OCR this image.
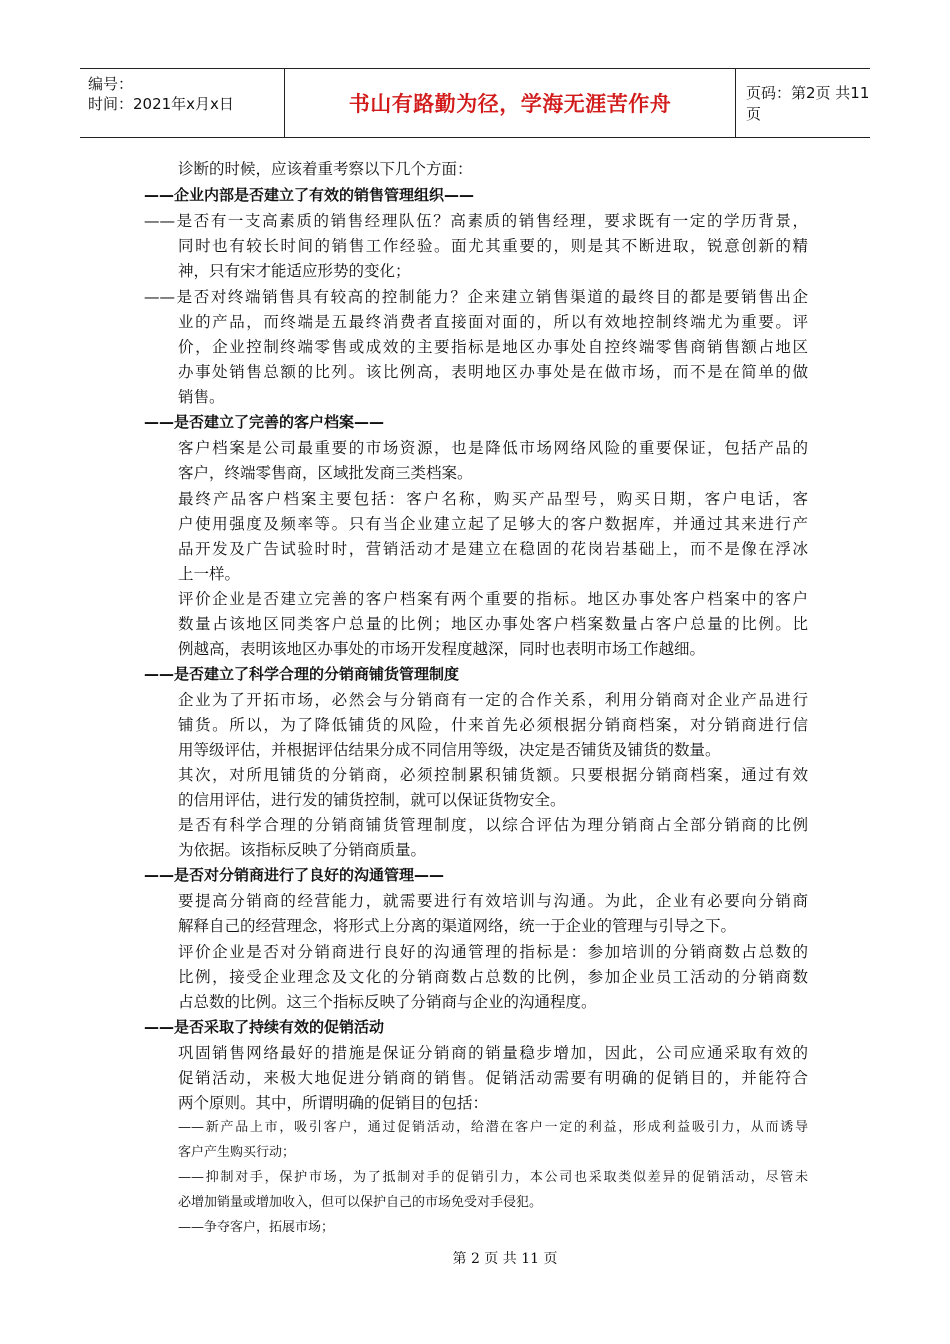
编号：
时间：2021年x月x日	书山有路勤为径，学海无涯苦作舟	页码：第2页 共11页
诊断的时候，应该着重考察以下几个方面：
——企业内部是否建立了有效的销售管理组织——
——是否有一支高素质的销售经理队伍？高素质的销售经理，要求既有一定的学历背景，
同时也有较长时间的销售工作经验。面尤其重要的，则是其不断进取，锐意创新的精
神，只有宋才能适应形势的变化；
——是否对终端销售具有较高的控制能力？企来建立销售渠道的最终目的都是要销售出企
业的产品，而终端是五最终消费者直接面对面的，所以有效地控制终端尤为重要。评
价，企业控制终端零售或成效的主要指标是地区办事处自控终端零售商销售额占地区
办事处销售总额的比列。该比例高，表明地区办事处是在做市场，而不是在简单的做
销售。
——是否建立了完善的客户档案——
客户档案是公司最重要的市场资源，也是降低市场网络风险的重要保证，包括产品的
客户，终端零售商，区域批发商三类档案。
最终产品客户档案主要包括：客户名称，购买产品型号，购买日期，客户电话，客
户使用强度及频率等。只有当企业建立起了足够大的客户数据库，并通过其来进行产
品开发及广告试验时时，营销活动才是建立在稳固的花岗岩基础上，而不是像在浮冰
上一样。
评价企业是否建立完善的客户档案有两个重要的指标。地区办事处客户档案中的客户
数量占该地区同类客户总量的比例；地区办事处客户档案数量占客户总量的比例。比
例越高，表明该地区办事处的市场开发程度越深，同时也表明市场工作越细。
——是否建立了科学合理的分销商铺货管理制度
企业为了开拓市场，必然会与分销商有一定的合作关系，利用分销商对企业产品进行
铺货。所以，为了降低铺货的风险，什来首先必须根据分销商档案，对分销商进行信
用等级评估，并根据评估结果分成不同信用等级，决定是否铺货及铺货的数量。
其次，对所甩铺货的分销商，必须控制累积铺货额。只要根据分销商档案，通过有效
的信用评估，进行发的铺货控制，就可以保证货物安全。
是否有科学合理的分销商铺货管理制度，以综合评估为理分销商占全部分销商的比例
为依据。该指标反映了分销商质量。
——是否对分销商进行了良好的沟通管理——
要提高分销商的经营能力，就需要进行有效培训与沟通。为此，企业有必要向分销商
解释自己的经营理念，将形式上分离的渠道网络，统一于企业的管理与引导之下。
评价企业是否对分销商进行良好的沟通管理的指标是：参加培训的分销商数占总数的
比例，接受企业理念及文化的分销商数占总数的比例，参加企业员工活动的分销商数
占总数的比例。这三个指标反映了分销商与企业的沟通程度。
——是否采取了持续有效的促销活动
巩固销售网络最好的措施是保证分销商的销量稳步增加，因此，公司应通采取有效的
促销活动，来极大地促进分销商的销售。促销活动需要有明确的促销目的，并能符合
两个原则。其中，所谓明确的促销目的包括：
——新产品上市，吸引客户，通过促销活动，给潜在客户一定的利益，形成利益吸引力，从而诱导
客户产生购买行动；
——抑制对手，保护市场，为了抵制对手的促销引力，本公司也采取类似差异的促销活动，尽管未
必增加销量或增加收入，但可以保护自己的市场免受对手侵犯。
——争夺客户，拓展市场；
第 2 页 共 11 页
